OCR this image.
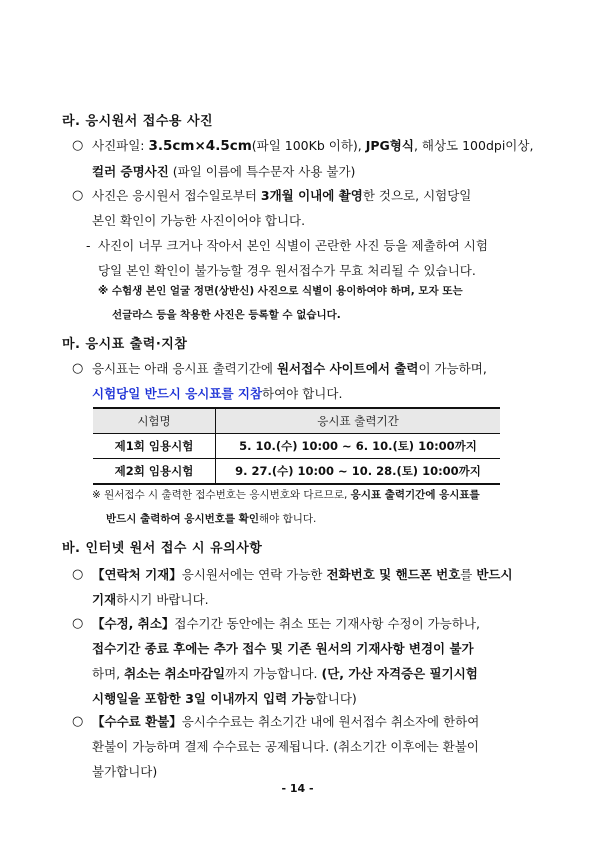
라. 응시원서 접수용 사진
○ 사진파일: 3.5cm×4.5cm(파일 100Kb 이하), JPG형식, 해상도 100dpi이상,
컬러 증명사진 (파일 이름에 특수문자 사용 불가)
○ 사진은 응시원서 접수일로부터 3개월 이내에 촬영한 것으로, 시험당일
본인 확인이 가능한 사진이어야 합니다.
- 사진이 너무 크거나 작아서 본인 식별이 곤란한 사진 등을 제출하여 시험
당일 본인 확인이 불가능할 경우 원서접수가 무효 처리될 수 있습니다.
※ 수험생 본인 얼굴 정면(상반신) 사진으로 식별이 용이하여야 하며, 모자 또는
선글라스 등을 착용한 사진은 등록할 수 없습니다.
마. 응시표 출력·지참
○ 응시표는 아래 응시표 출력기간에 원서접수 사이트에서 출력이 가능하며,
시험당일 반드시 응시표를 지참하여야 합니다.
시험명	응시표 출력기간
제1회 임용시험	5. 10.(수) 10:00 ~ 6. 10.(토) 10:00까지
제2회 임용시험	9. 27.(수) 10:00 ~ 10. 28.(토) 10:00까지
※ 원서접수 시 출력한 접수번호는 응시번호와 다르므로, 응시표 출력기간에 응시표를
반드시 출력하여 응시번호를 확인해야 합니다.
바. 인터넷 원서 접수 시 유의사항
○ 【연락처 기재】응시원서에는 연락 가능한 전화번호 및 핸드폰 번호를 반드시
기재하시기 바랍니다.
○ 【수정, 취소】접수기간 동안에는 취소 또는 기재사항 수정이 가능하나,
접수기간 종료 후에는 추가 접수 및 기존 원서의 기재사항 변경이 불가
하며, 취소는 취소마감일까지 가능합니다. (단, 가산 자격증은 필기시험
시행일을 포함한 3일 이내까지 입력 가능합니다)
○ 【수수료 환불】응시수수료는 취소기간 내에 원서접수 취소자에 한하여
환불이 가능하며 결제 수수료는 공제됩니다. (취소기간 이후에는 환불이
불가합니다)
- 14 -
